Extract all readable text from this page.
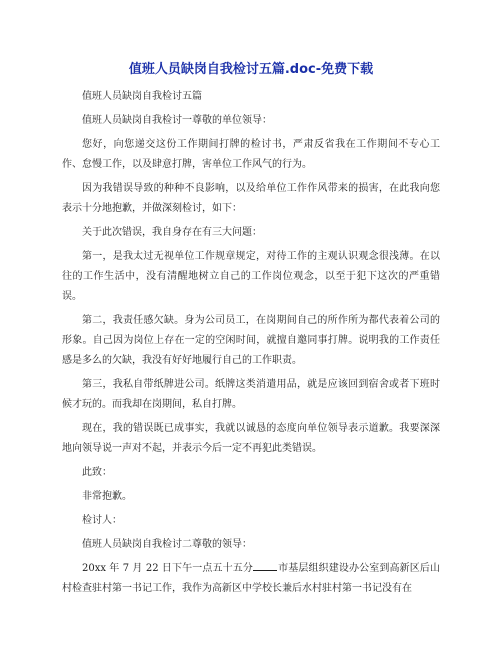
值班人员缺岗自我检讨五篇.doc-免费下载

值班人员缺岗自我检讨五篇

值班人员缺岗自我检讨一尊敬的单位领导：

您好，向您递交这份工作期间打牌的检讨书，严肃反省我在工作期间不专心工作、怠慢工作，以及肆意打牌，害单位工作风气的行为。

因为我错误导致的种种不良影响，以及给单位工作作风带来的损害，在此我向您表示十分地抱歉，并做深刻检讨，如下：

关于此次错误，我自身存在有三大问题：

第一，是我太过无视单位工作规章规定，对待工作的主观认识观念很浅薄。在以往的工作生活中，没有清醒地树立自己的工作岗位观念，以至于犯下这次的严重错误。

第二，我责任感欠缺。身为公司员工，在岗期间自己的所作所为都代表着公司的形象。自己因为岗位上存在一定的空闲时间，就擅自邀同事打牌。说明我的工作责任感是多么的欠缺，我没有好好地履行自己的工作职责。

第三，我私自带纸牌进公司。纸牌这类消遣用品，就是应该回到宿舍或者下班时候才玩的。而我却在岗期间，私自打牌。

现在，我的错误既已成事实，我就以诚恳的态度向单位领导表示道歉。我要深深地向领导说一声对不起，并表示今后一定不再犯此类错误。

此致：

非常抱歉。

检讨人：

值班人员缺岗自我检讨二尊敬的领导：

20xx 年 7 月 22 日下午一点五十五分	市基层组织建设办公室到高新区后山村检查驻村第一书记工作，我作为高新区中学校长兼后水村驻村第一书记没有在
